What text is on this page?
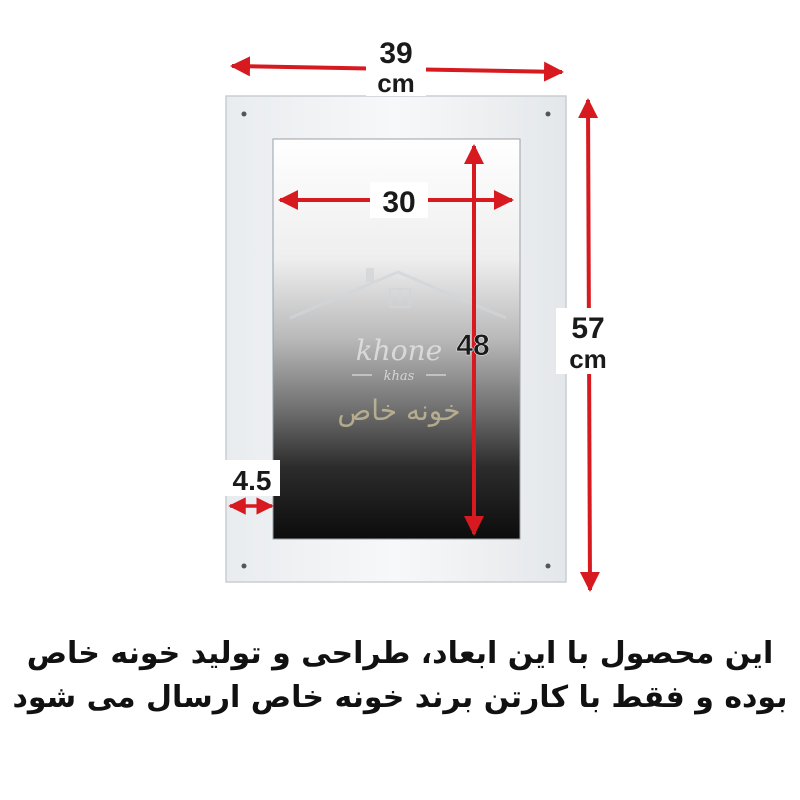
khone
khas
خونه خاص
39
cm
57
cm
30
48
4.5
این محصول با این ابعاد، طراحی و تولید خونه خاص
بوده و فقط با کارتن برند خونه خاص ارسال می شود
